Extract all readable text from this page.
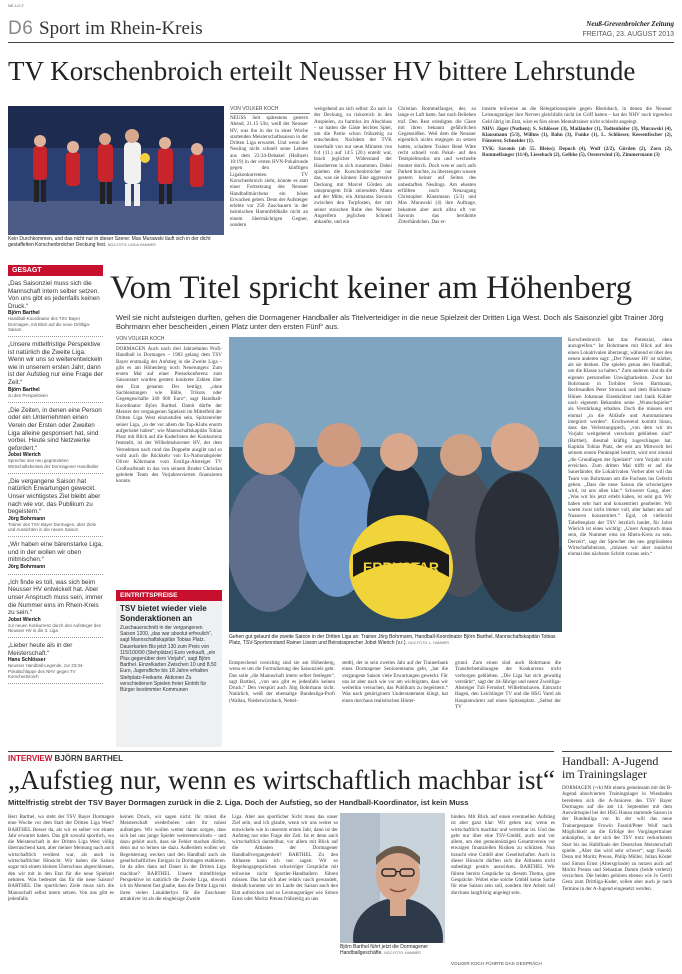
NE-LO-F
D6 Sport im Rhein-Kreis	Neuß-Grevenbroicher Zeitung
FREITAG, 23. AUGUST 2013
TV Korschenbroich erteilt Neusser HV bittere Lehrstunde
Kein Durchkommen, und das nicht nur in dieser Szene: Max Murawski läuft sich in der dicht gestaffelten Korschenbroicher Deckung fest. NGZ-FOTO: LINDA HAMMER
VON VOLKER KOCH
NEUSS Seit spätestens gestern Abend, 21.15 Uhr, weiß der Neusser HV, was ihn in der in einer Woche startenden Meisterschaftssaison in der Dritten Liga erwartet. Und wenn der Neuling nicht schnell seine Lehren aus dem 23:34-Debakel (Halbzeit 10:19) in der ersten HVN-Pokalrunde gegen den künftigen Ligakonkurrenten TV Korschenbroich zieht, könnte es statt einer Fortsetzung des Neusser Handballmärchens ein böses Erwachen geben. Denn der Aufsteiger erlebte vor 250 Zuschauern in der heimischen Hammfeldhalle nicht an einem übermächtigen Gegner, sondern
weitgehend an sich selbst: Zu naiv in der Deckung, zu riskoreich in den Anspielen, zu harmlos im Abschluss – so hatten die Gäste leichtes Spiel, um die Partie schon frühzeitig zu entscheiden. Nachdem der TVK innerhalb von nur neun Minuten von 6:4 (11.) auf 14:5 (20.) enteilt war, brach jeglicher Widerstand der Hausherren in sich zusammen. Dabei spielten die Korschenbroicher nur das, was sie können: Eine aggressive Deckung mit Marcel Görden als umsprungem früh störendem Mann auf der Mitte, ein Almantas Savonis zwischen den Torpfosten, der mit seiner stoischen Ruhe den Neusser Angreifern jeglichen Schneid abkaufte, und ein
Christian Rommelfanger, der, so lange er Luft hatte, fast nach Belieben traf. Den Rest erledigten die Gäste mit ihren bekannt gefährlichen Gegenstößen. Weil dem die Neusser eigentlich nichts entgegen zu setzen hatten, schaltete Trainer René Witte recht schnell vom Pokal- auf den Testspielmodus um und wechselte munter durch. Doch wen er auch aufs Parkett brachte, zu überzeugen wusste gestern keiner auf Seiten des unbedarften Neulings. Am ehesten erfüllten noch Neuzugang Christopher Klausmann (5/3) und Max Murawski (4) ihre Auftrage, bekamen aber auch allzu oft vor Savonis das berühmte Zitterhändchen. Das er-

innerte teilweise an die Relegationsspiele gegen Rheinbach, in denen die Neusser Leistungsträger ihre Nerven gleichfalls nicht im Griff hatten – hat der NHV noch irgendwo Geld übrig im Etat, wäre es fürs einen Mentaltrainer nicht schlecht angelegt.

NHV: Jäger (Nothen); S. Schlösser (3), Mailänder (1), Todtenhöfer (3), Murawski (4), Klausmann (5/3), Willms (1), Bahn (3), Funke (1), L. Schlösser, Keesenfischer (2), Fünserer, Schneider (1).

TVK: Savonis (ab 55. Bleiss); Depoch (4), Wolf (2/2), Görden (2), Zorn (2), Rommelfanger (11/4), Liesebach (2), Gelbke (5), Oesterwind (3), Zimmermann (3)

GESAGT

„Das Saisonziel muss sich die Mannschaft intern selber setzen. Von uns gibt es jedenfalls keinen Druck.“

Björn Barthel

Handball-Koordinator des TSV Bayer Dormagen, mit Blick auf die neue Drittliga-Saison

„Unsere mittelfristige Perspektive ist natürlich die Zweite Liga. Wenn wir uns so weiterentwickeln wie in unserem ersten Jahr, dann ist der Aufstieg nur eine Frage der Zeit.“

Björn Barthel

zu den Perspektiven

„Die Zeiten, in denen eine Person oder ein Unternehmen einen Verein der Ersten oder Zweiten Liga alleine gesponsert hat, sind vorbei. Heute sind Netzwerke gefordert.“

Jobst Wierich

Sprecher des neu gegründeten Wirtschaftsbeirats der Dormagener Handballer

„Die vergangene Saison hat natürlich Erwartungen geweckt. Unser wichtigstes Ziel bleibt aber nach wie vor, das Publikum zu begeistern.“

Jörg Bohrmann

Trainer des TSV Bayer Dormagen, über Ziele und Aussichten in der neuen Saison

„Wir haben eine bärenstarke Liga, und in der wollen wir oben mitmischen.“

Jörg Bohrmann

„Ich finde es toll, was sich beim Neusser HV entwickelt hat. Aber unser Anspruch muss sein, immer die Nummer eins im Rhein-Kreis zu sein.“

Jobst Wierich

zur neuen Konkurrenz durch den Aufsteiger des Neusser HV in die 3. Liga

„Lieber heute als in der Meisterschaft.“

Hans Schlösser

Neusser Handball-Legende, zur 23:34-Pokalschlappe des NHV gegen TV Korschenbroich

Vom Titel spricht keiner am Höhenberg
Weil sie nicht aufsteigen durften, gehen die Dormagener Handballer als Titelverteidiger in die neue Spielzeit der Dritten Liga West. Doch als Saisonziel gibt Trainer Jörg Bohrmann eher bescheiden „einen Platz unter den ersten Fünf“ aus.
VON VOLKER KOCH
DORMAGEN Auch nach drei Jahrzehnten Profi-Handball in Dormagen – 1983 gelang dem TSV Bayer erstmalig der Aufstieg in die Zweite Liga – gibt es am Höhenberg noch Neuerungen: Zum ersten Mal auf einer Pressekonferenz zum Saisonstart wurden gestern konkrete Zahlen über den Etat genannt. Der beträgt, „ohne Sachleistungen wie Bälle, Trikots oder Gegengeschäfte 340 000 Euro“, sagt Handball-Koordinator Björn Barthel. Damit dürfte der Meister der vergangenen Spielzeit im Mittelfeld der Dritten Liga West einzustufen sein. Spitzenreiter seiner Liga, „in der vor allem die Top-Klubs enorm aufgerüstet haben“, wie Mannschaftskapitän Tobias Platz mit Blick auf die Kaderlisten der Konkurrenz feststellt, ist der Wilhelmshavener HV, der dem Vernehmen nach rund das Doppelte ausgibt und so wohl auch die Rückkehr von Ex-Nationalspieler Oliver Köhrmann vom Erstliga-Absteiger TV Großwallstadt in das von seinem Bruder Christian geleitete Team des Vorjahresvierten finanzieren konnte.
ERBYSTAR
Gehen gut gelaunt die zweite Saison in der Dritten Liga an: Trainer Jörg Bohrmann, Handball-Koordinator Björn Barthel, Mannschaftskapitän Tobias Platz, TSV-Sportvorstand Rainer Lisson und Beiratssprecher Jobst Wierich (v.r.). NGZ-FOTO: L. HAMMER
Korschenbroich hat das Potenzial, oben anzugreifen.“ Ist Bohrmann mit Blick auf den einen Lokalrivalen überzeugt, während er über den neuen anderen sagt: „Der Neusser HV ist stärker, als sie denken. Die spielen genau den Handball, um die Klasse zu halten.“ Zum anderen sind da die eigenen personellen Unwägbarkeiten. Zwar hat Bohrmann in Torhüter Sven Bartmann, Rechtsaußen Peter Strosack und dem Rückraum-Hünen Johannan Eisenkrätzer und Janik Köhler nach eigenem Bekunden seine „Wunschspieler“ als Verstärkung erhalten. Doch die müssen erst einmal „in die Abläufe und Automatismen integriert werden“. Erschwerend kommt hinzu, dass das Verletzungspech, „von dem wir im Vorjahr weitgehend verschont geblieben sind“ (Barthel), diesmal kräftig zugeschlagen hat. Kapitän Tobias Platz, der erst am Mittwoch bei seinem ersten Punktspiel bestritt, wird erst einmal „die Grundlagen der Spielzeit“ vom Vorjahr nicht erreichen. Zum dritten Mal trifft er auf die Sauerländer, die Lokalrivalen. Vorher aber will das Team von Bohrmann um die Fuchsen ins Gefecht gehen. „Dass die neue Saison die schwierigere wird, ist uns allen klar.“ Schwerer Gang, aber: „Was wir bis jetzt erlebt haben, ist sehr gut. Wir haben sehr hart und konzentriert gearbeitet. Wir waren zwar nicht immer voll, aber haben uns auf Nuancen konzentriert.“ Egal, ob vielleicht Tabellenplatz der TSV letztlich landet, für Jobst Wierich ist eines wichtig: „Unser Anspruch muss sein, die Nummer eins im Rhein-Kreis zu sein. Derzeit“, sagt der Sprecher des neu gegründeten Wirtschaftsbeirats, „müssen wir aber zunächst einmal den nächsten Schritt voraus sein.“
EINTRITTSPREISE
TSV bietet wieder viele Sonderaktionen an
Zuschauerschnitt in der vergangenen Saison 1200, „das war absolut erfreulich“, sagt Mannschaftskapitän Tobias Platz. Dauerkarten Bis jetzt 130 zum Preis von 115/100/90 (Stehplätze) Euro verkauft, „ein Plus gegenüber dem Vorjahr“, sagt Björn Barthel. Einzelkarten Zwischen 10 und 8,50 Euro, Jugendliche bis 18 Jahre erhalten Stehplatz-Freikarte. Aktionen Zu verschiedenen Spielen freier Eintritt für Bürger bestimmter Kommunen
Entsprechend vorsichtig sind sie am Höhenberg, wenn es um die Formulierung des Saisonziels geht. Das solle „die Mannschaft intern selber festlegen“, sagt Barthel, „von uns gibt es jedenfalls keinen Druck.“ Den verspürt auch Jörg Bohrmann nicht. Natürlich, weiß der ehemalige Bundesliga-Profi (Wallau, Niederwürzbach, Nettel-
stedt), der in sein zweites Jahr auf der Trainerbank eines Dormagener Seniorenteams geht, „hat die vergangene Saison viele Erwartungen geweckt. Für uns ist aber nach wie vor am wichtigsten, dass wir weiterhin versuchen, das Publikum zu begeistern.“ Was nach geköriginem Understatement klingt, hat einen durchaus realistischen Hinter-
grund. Zum einen sind auch Bohrmann die Transferbemühungen der Konkurrenz nicht verborgen geblieben. „Die Liga hat sich gewaltig verstärkt“, sagt der 44-Jährige und nennt Zweitliga-Absteiger TuS Ferndorf, Wilhelmshaven, Eintracht Hagen, den Leichlinger TV und die HSG Varel als Hauptanwärter auf einen Spitzenplatz. „Selbst der TV
INTERVIEW BJÖRN BARTHEL
„Aufstieg nur, wenn es wirtschaftlich machbar ist“
Mittelfristig strebt der TSV Bayer Dormagen zurück in die 2. Liga. Doch der Aufstieg, so der Handball-Koordinator, ist kein Muss
Herr Barthel, wo steht der TSV Bayer Dormagen eine Woche vor dem Start der Dritten Liga West? BARTHEL Besser da, als wir es selber vor einem Jahr erwartet haben. Das gilt sowohl sportlich, wo die Meisterschaft in der Dritten Liga West völlig überraschend kam, aber meiner Meinung nach auch wirtschaftlich verdient war, als auch in wirtschaftlicher Hinsicht. Wir haben die Saison sogar mit einem kleinen Überschuss abgeschlossen, den wir mit in den Etat für die neue Spielzeit nehmen. Was bedeutet das für die neue Saison? BARTHEL Die sportlichen Ziele muss sich die Mannschaft selbst intern setzen. Von uns gibt es jedenfalls
keinen Druck, wir sagen nicht: Ihr müsst die Meisterschaft wiederholen oder ihr müsst aufsteigen. Wir wollen weiter daran sorgen, dass sich bei uns junge Spieler weiterentwickeln – und dazu gehört auch, dass sie Fehler machen dürfen, denn nur so lernen sie dazu. Außerdem wollen wir Begeisterung wecken und den Handball auch als gesellschaftliches Ereignis in Dormagen etablieren. Ist da alles dann auf Dauer in der Dritten Liga machbar? BARTHEL Unsere mittelfristige Perspektive ist natürlich die Zweite Liga, obwohl ich im Moment fast glaube, dass die Dritte Liga mit ihren vielen Lokalderbys für die Zuschauer attraktiver ist als die eingleisige Zweite
Liga. Aber aus sportlicher Sicht muss das unser Ziel sein, und ich glaube, wenn wir uns weiter so entwickeln wie in unserem ersten Jahr, dann ist der Aufstieg nur eine Frage der Zeit. Ist er denn auch wirtschaftlich darstellbar, vor allem mit Blick auf die Altlasten der Dormagener Handballvergangenheit? BARTHEL Zu den Altlasten kann ich nur sagen: Wir so Regelungsgesprächen schwieriger Gespräche mit teilweise nicht Sportler-Handballern führen müssen. Das hat sich aber relativ rasch gewandelt, deshalb konnten wir im Laufe der Saison auch den Etat aufstocken und so Leistungsträger wie Simon Ernst oder Moritz Preuss frühzeitig an uns
Björn Barthel führt jetzt die Dormagener Handballgeschäfte. NGZ-FOTO: HAMMER
binden. Mit Blick auf einen eventuellen Aufstieg ist aber ganz klar: Wir gehen nur, wenn es wirtschaftlich machbar und vertretbar ist. Und das geht nur über eine TSV-GmbH, auch und vor allem, um den gemeinnützigen Gesamtverein vor etwaigen finanziellen Risiken zu schützen. Nun braucht eine GmbH aber Gesellschafter. Auch in dieser Hinsicht dürften sich die Altlasten nicht unbedingt positiv auswirken. BARTHEL Wir führen bereits Gespräche zu diesem Thema, gute Gespräche. Wobei eine solche GmbH keine Sache für eine Saison sein soll, sondern ihre Arbeit soll durchaus langfristig angelegt sein.
VOLKER KOCH FÜHRTE DAS GESPRÄCH
Handball: A-Jugend im Trainingslager
DORMAGEN (-vk) Mit einem gemeinsam mit der B-Jugend absolvierten Trainingslager in Wiesbaden bereiteten sich die A-Junioren des TSV Bayer Dormagen auf die am 14. September mit dem Auswärtsspiel bei der HSG Hanau startende Saison in der Bundesliga vor. In der will das neue Trainergespann Frowin Fasold/Peter Wolf nach Möglichkeit an die Erfolge der Vorgängertrainer anknüpfen, in der sich der TSV trotz verkorkstem Start bis ins Halbfinale der Deutschen Meisterschaft spielte. „Aber das wird sehr schwer“, sagt Fasold. Denn mit Moritz Preuss, Philip Müller, Julian Köster und Simon Ernst (Altersgründe) zu nutzen auch auf Moritz Preuss und Sebastian Damm (beide verletzt) verzichten. Die beiden gehören ebenso wie Jo Gerrit Genz zum Drittliga-Kader, sollen aber auch je nach Termine in der A-Jugend eingesetzt werden.
